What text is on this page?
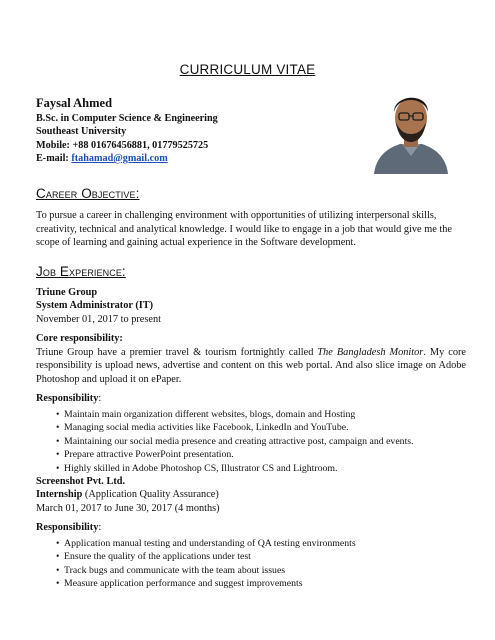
CURRICULUM VITAE
Faysal Ahmed
B.Sc. in Computer Science & Engineering
Southeast University
Mobile: +88 01676456881, 01779525725
E-mail: ftahamad@gmail.com
Career Objective:
To pursue a career in challenging environment with opportunities of utilizing interpersonal skills, creativity, technical and analytical knowledge. I would like to engage in a job that would give me the scope of learning and gaining actual experience in the Software development.
Job Experience:
Triune Group
System Administrator (IT)
November 01, 2017 to present
Core responsibility:
Triune Group have a premier travel & tourism fortnightly called The Bangladesh Monitor. My core responsibility is upload news, advertise and content on this web portal. And also slice image on Adobe Photoshop and upload it on ePaper.
Responsibility:
• Maintain main organization different websites, blogs, domain and Hosting
• Managing social media activities like Facebook, LinkedIn and YouTube.
• Maintaining our social media presence and creating attractive post, campaign and events.
• Prepare attractive PowerPoint presentation.
• Highly skilled in Adobe Photoshop CS, Illustrator CS and Lightroom.
Screenshot Pvt. Ltd.
Internship (Application Quality Assurance)
March 01, 2017 to June 30, 2017 (4 months)
Responsibility:
• Application manual testing and understanding of QA testing environments
• Ensure the quality of the applications under test
• Track bugs and communicate with the team about issues
• Measure application performance and suggest improvements
